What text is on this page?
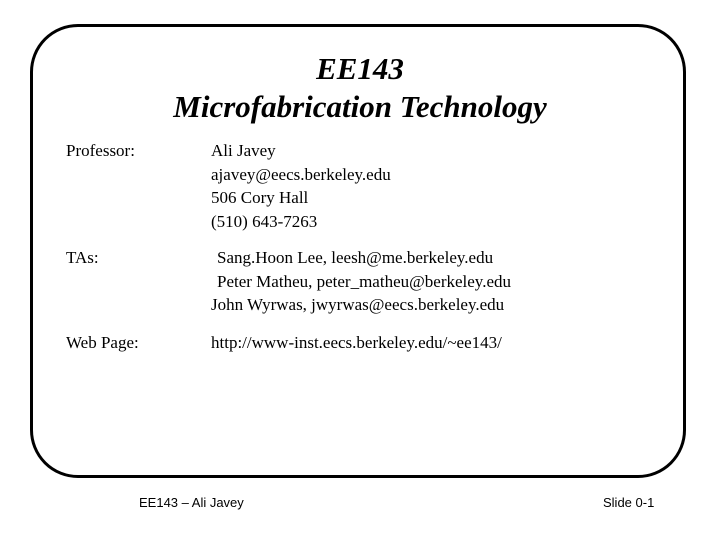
EE143
Microfabrication Technology
Professor:	Ali Javey
ajavey@eecs.berkeley.edu
506 Cory Hall
(510) 643-7263
TAs:	Sang.Hoon Lee, leesh@me.berkeley.edu
Peter Matheu, peter_matheu@berkeley.edu
John Wyrwas, jwyrwas@eecs.berkeley.edu
Web Page:	http://www-inst.eecs.berkeley.edu/~ee143/
EE143 – Ali Javey	Slide 0-1
